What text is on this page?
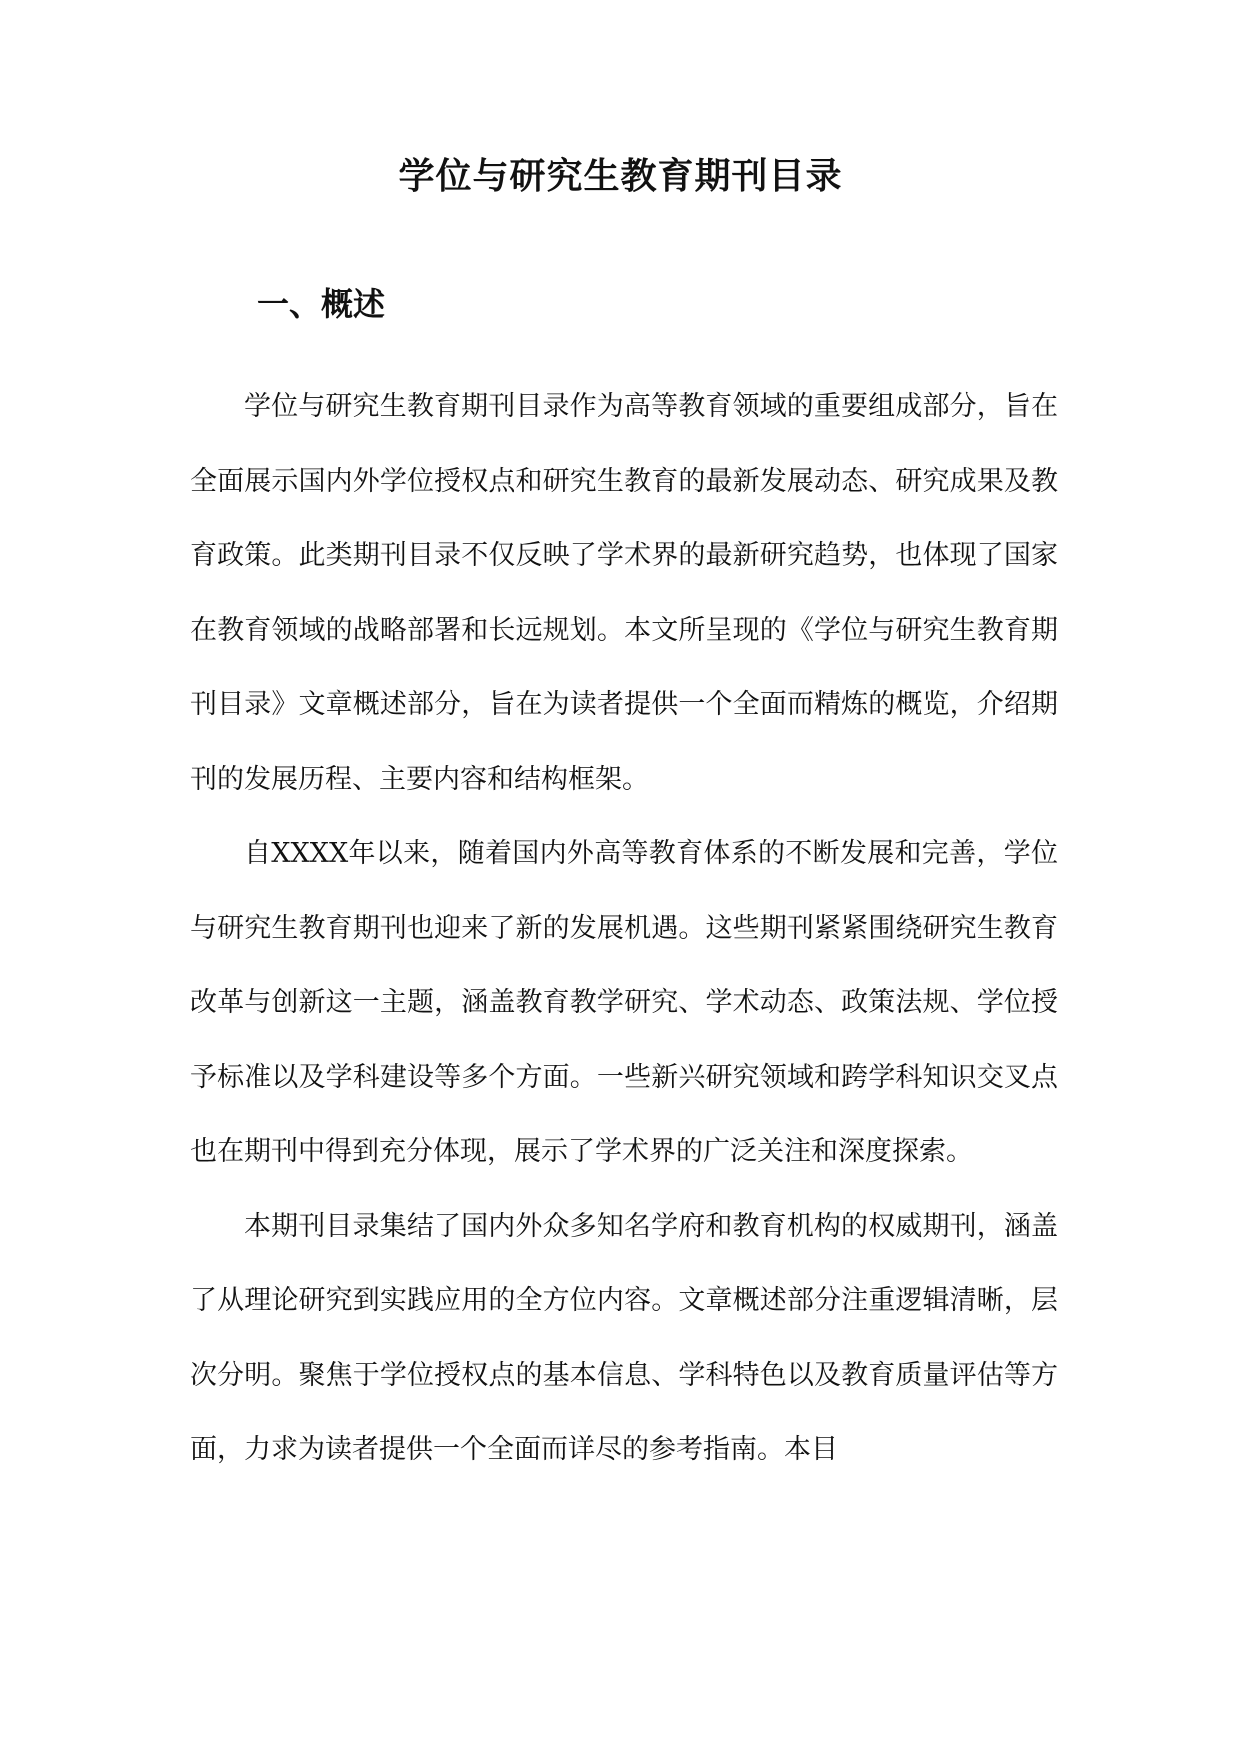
学位与研究生教育期刊目录
一、概述

学位与研究生教育期刊目录作为高等教育领域的重要组成部分，旨在全面展示国内外学位授权点和研究生教育的最新发展动态、研究成果及教育政策。此类期刊目录不仅反映了学术界的最新研究趋势，也体现了国家在教育领域的战略部署和长远规划。本文所呈现的《学位与研究生教育期刊目录》文章概述部分，旨在为读者提供一个全面而精炼的概览，介绍期刊的发展历程、主要内容和结构框架。

自XXXX年以来，随着国内外高等教育体系的不断发展和完善，学位与研究生教育期刊也迎来了新的发展机遇。这些期刊紧紧围绕研究生教育改革与创新这一主题，涵盖教育教学研究、学术动态、政策法规、学位授予标准以及学科建设等多个方面。一些新兴研究领域和跨学科知识交叉点也在期刊中得到充分体现，展示了学术界的广泛关注和深度探索。

本期刊目录集结了国内外众多知名学府和教育机构的权威期刊，涵盖了从理论研究到实践应用的全方位内容。文章概述部分注重逻辑清晰，层次分明。聚焦于学位授权点的基本信息、学科特色以及教育质量评估等方面，力求为读者提供一个全面而详尽的参考指南。本目
